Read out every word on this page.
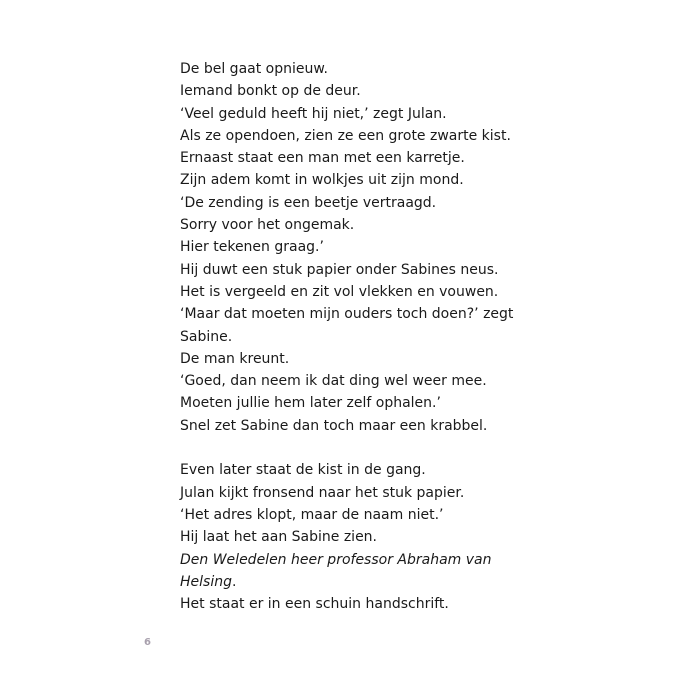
De bel gaat opnieuw.
Iemand bonkt op de deur.
‘Veel geduld heeft hij niet,’ zegt Julan.
Als ze opendoen, zien ze een grote zwarte kist.
Ernaast staat een man met een karretje.
Zijn adem komt in wolkjes uit zijn mond.
‘De zending is een beetje vertraagd.
Sorry voor het ongemak.
Hier tekenen graag.’
Hij duwt een stuk papier onder Sabines neus.
Het is vergeeld en zit vol vlekken en vouwen.
‘Maar dat moeten mijn ouders toch doen?’ zegt
Sabine.
De man kreunt.
‘Goed, dan neem ik dat ding wel weer mee.
Moeten jullie hem later zelf ophalen.’
Snel zet Sabine dan toch maar een krabbel.
Even later staat de kist in de gang.
Julan kijkt fronsend naar het stuk papier.
‘Het adres klopt, maar de naam niet.’
Hij laat het aan Sabine zien.
Den Weledelen heer professor Abraham van
Helsing.
Het staat er in een schuin handschrift.
6
